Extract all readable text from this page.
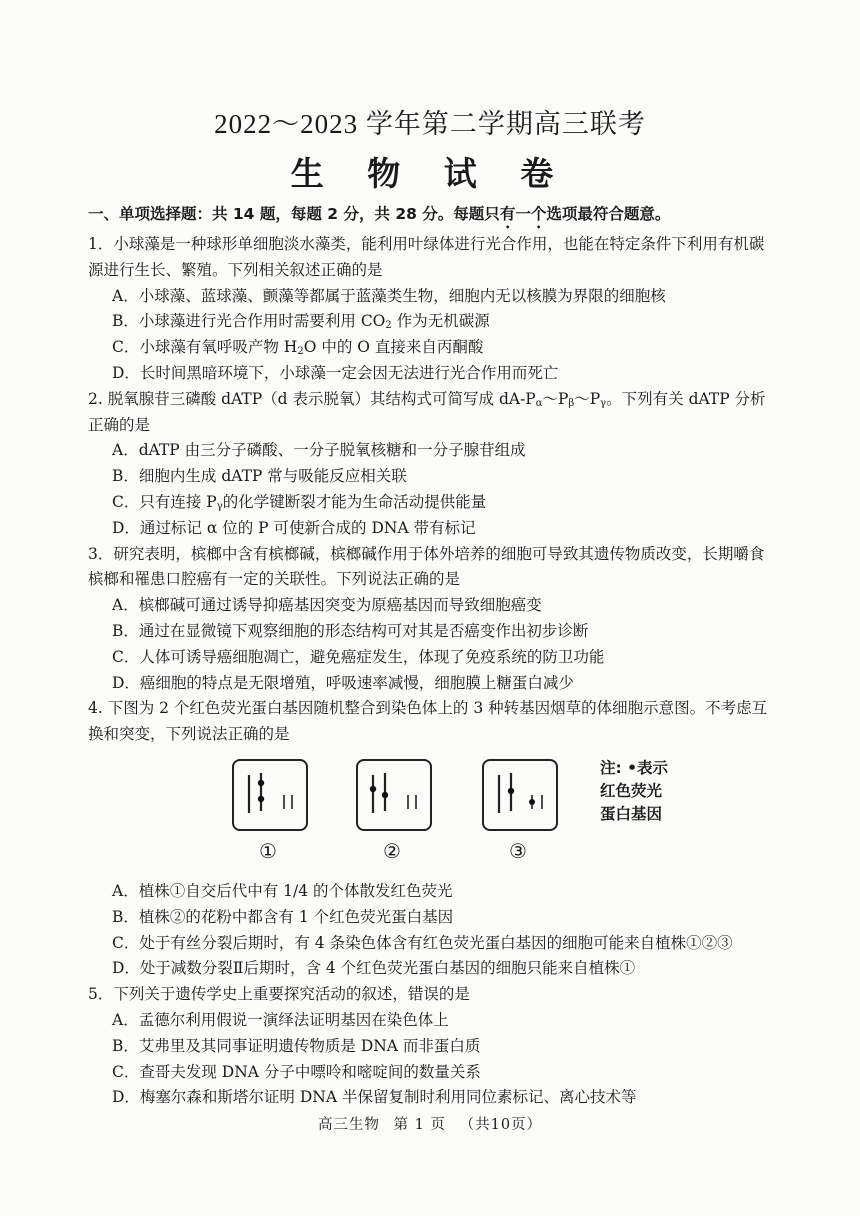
2022～2023 学年第二学期高三联考
生 物 试 卷
一、单项选择题：共 14 题，每题 2 分，共 28 分。每题只有一个选项最符合题意。

1．小球藻是一种球形单细胞淡水藻类，能利用叶绿体进行光合作用，也能在特定条件下利用有机碳源进行生长、繁殖。下列相关叙述正确的是

A．小球藻、蓝球藻、颤藻等都属于蓝藻类生物，细胞内无以核膜为界限的细胞核

B．小球藻进行光合作用时需要利用 $CO_2$ 作为无机碳源

C．小球藻有氧呼吸产物 $H_2O$ 中的 O 直接来自丙酮酸

D．长时间黑暗环境下，小球藻一定会因无法进行光合作用而死亡

2. 脱氧腺苷三磷酸 dATP（d 表示脱氧）其结构式可简写成 $dA-P_\alpha\sim P_\beta\sim P_\gamma$。下列有关 dATP 分析正确的是

A．dATP 由三分子磷酸、一分子脱氧核糖和一分子腺苷组成

B．细胞内生成 dATP 常与吸能反应相关联

C．只有连接 $P_\gamma$的化学键断裂才能为生命活动提供能量

D．通过标记 α 位的 P 可使新合成的 DNA 带有标记

3．研究表明，槟榔中含有槟榔碱，槟榔碱作用于体外培养的细胞可导致其遗传物质改变，长期嚼食槟榔和罹患口腔癌有一定的关联性。下列说法正确的是

A．槟榔碱可通过诱导抑癌基因突变为原癌基因而导致细胞癌变

B．通过在显微镜下观察细胞的形态结构可对其是否癌变作出初步诊断

C．人体可诱导癌细胞凋亡，避免癌症发生，体现了免疫系统的防卫功能

D．癌细胞的特点是无限增殖，呼吸速率减慢，细胞膜上糖蛋白减少

4. 下图为 2 个红色荧光蛋白基因随机整合到染色体上的 3 种转基因烟草的体细胞示意图。不考虑互换和突变，下列说法正确的是

①	②	③
注: •表示
红色荧光
蛋白基因

A．植株①自交后代中有 1/4 的个体散发红色荧光

B．植株②的花粉中都含有 1 个红色荧光蛋白基因

C．处于有丝分裂后期时，有 4 条染色体含有红色荧光蛋白基因的细胞可能来自植株①②③

D．处于减数分裂Ⅱ后期时，含 4 个红色荧光蛋白基因的细胞只能来自植株①

5．下列关于遗传学史上重要探究活动的叙述，错误的是

A．孟德尔利用假说一演绎法证明基因在染色体上

B．艾弗里及其同事证明遗传物质是 DNA 而非蛋白质

C．查哥夫发现 DNA 分子中嘌呤和嘧啶间的数量关系

D．梅塞尔森和斯塔尔证明 DNA 半保留复制时利用同位素标记、离心技术等

高三生物 第 1 页 （共10页）
